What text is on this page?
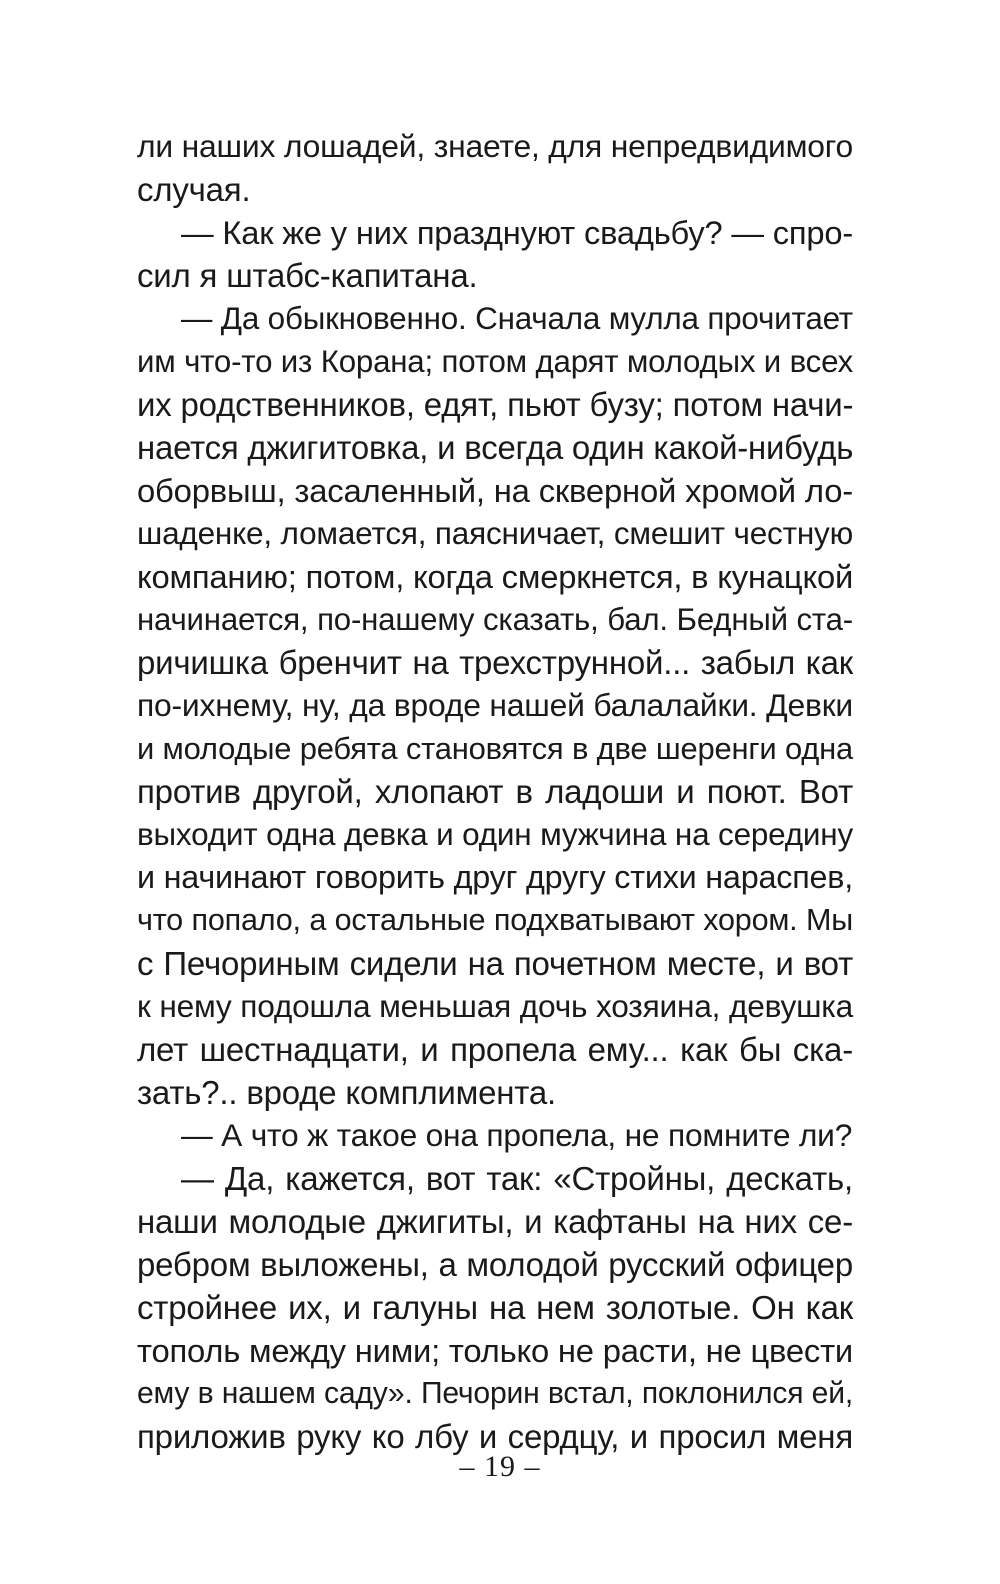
ли наших лошадей, знаете, для непредвидимого
случая.
— Как же у них празднуют свадьбу? — спро-
сил я штабс-капитана.
— Да обыкновенно. Сначала мулла прочитает
им что-то из Корана; потом дарят молодых и всех
их родственников, едят, пьют бузу; потом начи-
нается джигитовка, и всегда один какой-нибудь
оборвыш, засаленный, на скверной хромой ло-
шаденке, ломается, паясничает, смешит честную
компанию; потом, когда смеркнется, в кунацкой
начинается, по-нашему сказать, бал. Бедный ста-
ричишка бренчит на трехструнной... забыл как
по-ихнему, ну, да вроде нашей балалайки. Девки
и молодые ребята становятся в две шеренги одна
против другой, хлопают в ладоши и поют. Вот
выходит одна девка и один мужчина на середину
и начинают говорить друг другу стихи нараспев,
что попало, а остальные подхватывают хором. Мы
с Печориным сидели на почетном месте, и вот
к нему подошла меньшая дочь хозяина, девушка
лет шестнадцати, и пропела ему... как бы ска-
зать?.. вроде комплимента.
— А что ж такое она пропела, не помните ли?
— Да, кажется, вот так: «Стройны, дескать,
наши молодые джигиты, и кафтаны на них се-
ребром выложены, а молодой русский офицер
стройнее их, и галуны на нем золотые. Он как
тополь между ними; только не расти, не цвести
ему в нашем саду». Печорин встал, поклонился ей,
приложив руку ко лбу и сердцу, и просил меня
– 19 –
